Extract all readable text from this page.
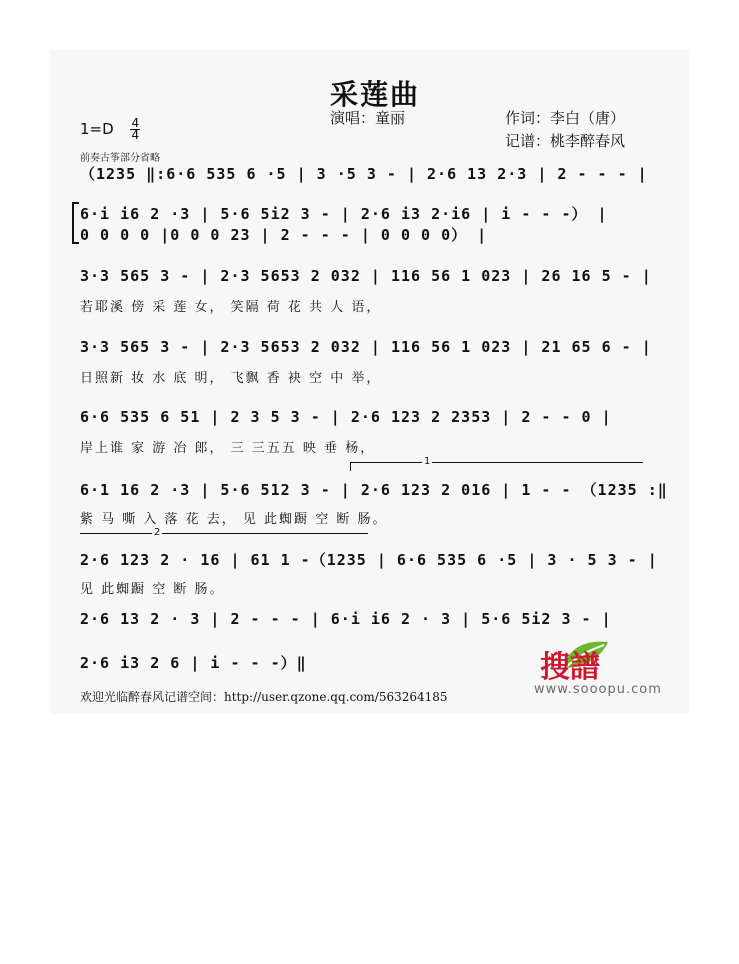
采莲曲
$1=D \frac{4}{4}$	演唱：童丽	作词：李白（唐）
记谱：桃李醉春风
前奏古筝部分省略
（1235 ‖:6·6 535 6 ·5 | 3 ·5 3 - | 2·6 13 2·3 | 2 - - - |
6·i i6 2 ·3 | 5·6 5i2 3 - | 2·6 i3 2·i6 | i - - -） |
0 0 0 0 |0 0 0 23 | 2 - - - | 0 0 0 0） |
3·3 565 3 - | 2·3 5653 2 032 | 116 56 1 023 | 26 16 5 - |
若耶溪 傍 采 莲 女， 笑隔 荷 花 共 人 语，
3·3 565 3 - | 2·3 5653 2 032 | 116 56 1 023 | 21 65 6 - |
日照新 妆 水 底 明， 飞飘 香 袂 空 中 举，
6·6 535 6 51 | 2 3 5 3 - | 2·6 123 2 2353 | 2 - - 0 |
岸上谁 家 游 冶 郎， 三 三五五 映 垂 杨，
1
6·1 16 2 ·3 | 5·6 512 3 - | 2·6 123 2 016 | 1 - - （1235 :‖
紫 马 嘶 入 落 花 去， 见 此蜘蹰 空 断 肠。
2
2·6 123 2 · 16 | 61 1 -（1235 | 6·6 535 6 ·5 | 3 · 5 3 - |
见 此蜘蹰 空 断 肠。
2·6 13 2 · 3 | 2 - - - | 6·i i6 2 · 3 | 5·6 5i2 3 - |
2·6 i3 2 6 | i - - -）‖	搜譜
www.sooopu.com
欢迎光临醉春风记谱空间：http://user.qzone.qq.com/563264185
